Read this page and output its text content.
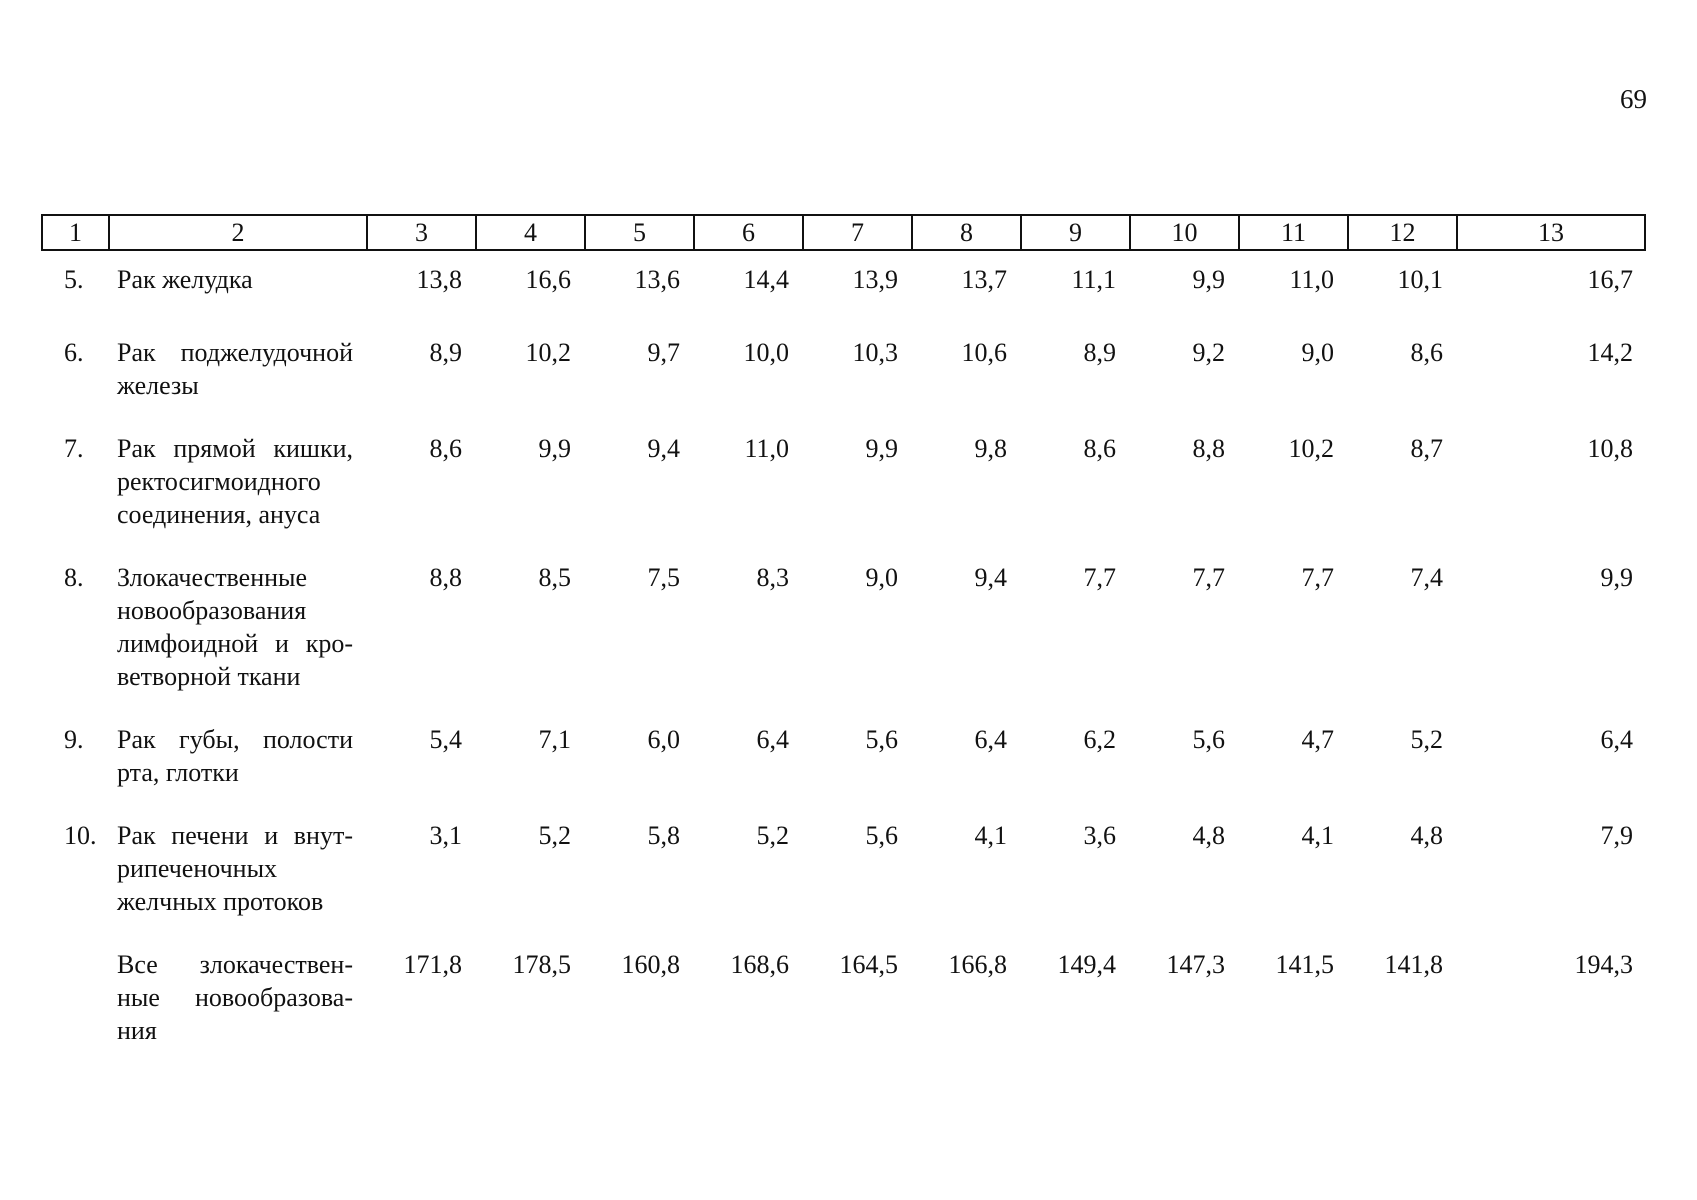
69
1	2	3	4	5	6	7	8	9	10	11	12	13
5.	Рак желудка	13,8	16,6	13,6	14,4	13,9	13,7	11,1	9,9	11,0	10,1	16,7
6.	Рак поджелудочной железы	8,9	10,2	9,7	10,0	10,3	10,6	8,9	9,2	9,0	8,6	14,2
7.	Рак прямой кишки, ректосигмоидного соединения, ануса	8,6	9,9	9,4	11,0	9,9	9,8	8,6	8,8	10,2	8,7	10,8
8.	Злокачественные новообразования лимфоидной и кро-ветворной ткани	8,8	8,5	7,5	8,3	9,0	9,4	7,7	7,7	7,7	7,4	9,9
9.	Рак губы, полости рта, глотки	5,4	7,1	6,0	6,4	5,6	6,4	6,2	5,6	4,7	5,2	6,4
10.	Рак печени и внут-рипеченочных желчных протоков	3,1	5,2	5,8	5,2	5,6	4,1	3,6	4,8	4,1	4,8	7,9
	Все злокачествен-ные новообразова-ния	171,8	178,5	160,8	168,6	164,5	166,8	149,4	147,3	141,5	141,8	194,3
